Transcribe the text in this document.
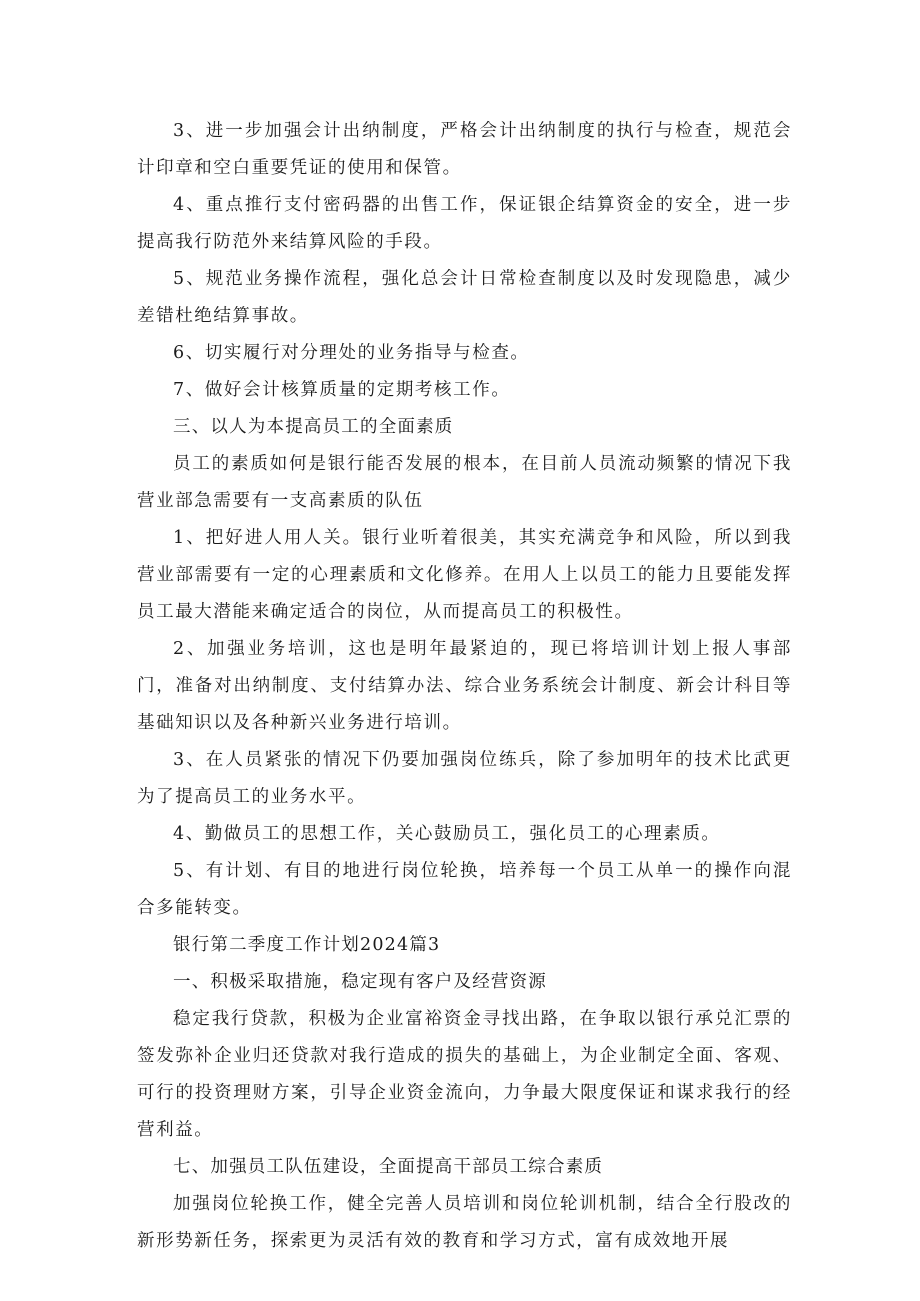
3、进一步加强会计出纳制度，严格会计出纳制度的执行与检查，规范会计印章和空白重要凭证的使用和保管。

4、重点推行支付密码器的出售工作，保证银企结算资金的安全，进一步提高我行防范外来结算风险的手段。

5、规范业务操作流程，强化总会计日常检查制度以及时发现隐患，减少差错杜绝结算事故。

6、切实履行对分理处的业务指导与检查。

7、做好会计核算质量的定期考核工作。

三、以人为本提高员工的全面素质

员工的素质如何是银行能否发展的根本，在目前人员流动频繁的情况下我营业部急需要有一支高素质的队伍

1、把好进人用人关。银行业听着很美，其实充满竞争和风险，所以到我营业部需要有一定的心理素质和文化修养。在用人上以员工的能力且要能发挥员工最大潜能来确定适合的岗位，从而提高员工的积极性。

2、加强业务培训，这也是明年最紧迫的，现已将培训计划上报人事部门，准备对出纳制度、支付结算办法、综合业务系统会计制度、新会计科目等基础知识以及各种新兴业务进行培训。

3、在人员紧张的情况下仍要加强岗位练兵，除了参加明年的技术比武更为了提高员工的业务水平。

4、勤做员工的思想工作，关心鼓励员工，强化员工的心理素质。

5、有计划、有目的地进行岗位轮换，培养每一个员工从单一的操作向混合多能转变。

银行第二季度工作计划2024篇3

一、积极采取措施，稳定现有客户及经营资源

稳定我行贷款，积极为企业富裕资金寻找出路，在争取以银行承兑汇票的签发弥补企业归还贷款对我行造成的损失的基础上，为企业制定全面、客观、可行的投资理财方案，引导企业资金流向，力争最大限度保证和谋求我行的经营利益。

七、加强员工队伍建设，全面提高干部员工综合素质

加强岗位轮换工作，健全完善人员培训和岗位轮训机制，结合全行股改的新形势新任务，探索更为灵活有效的教育和学习方式，富有成效地开展
